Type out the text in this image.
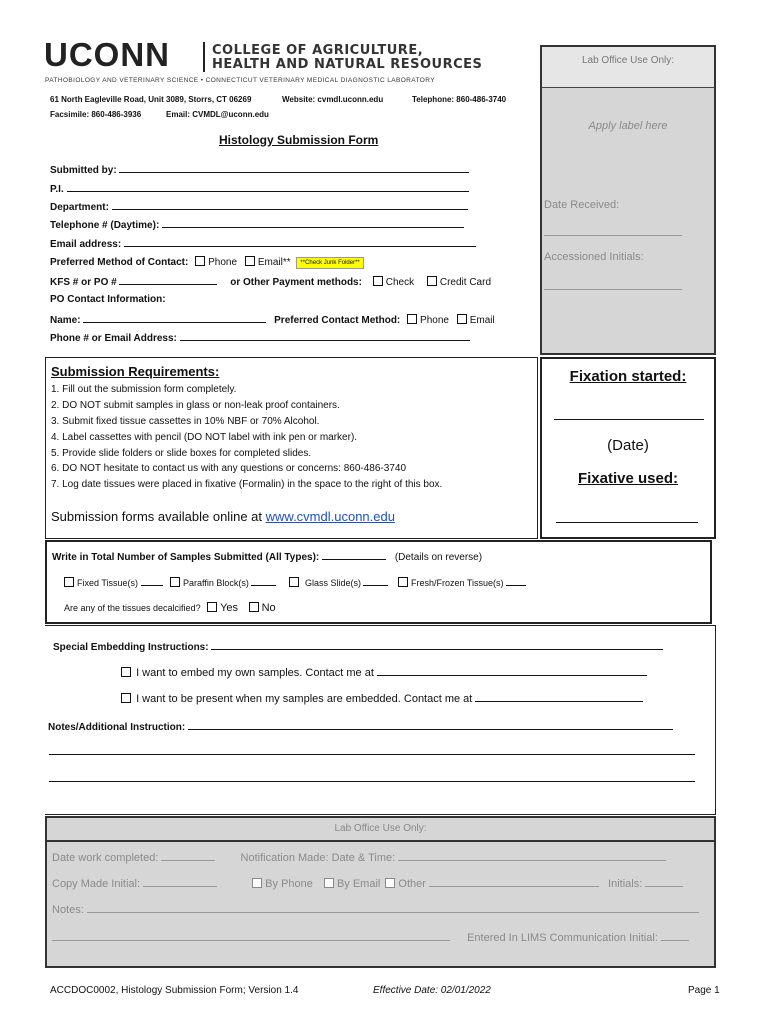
UCONN	COLLEGE OF AGRICULTURE,
HEALTH AND NATURAL RESOURCES
PATHOBIOLOGY AND VETERINARY SCIENCE • CONNECTICUT VETERINARY MEDICAL DIAGNOSTIC LABORATORY
61 North Eagleville Road, Unit 3089, Storrs, CT 06269	Website: cvmdl.uconn.edu	Telephone: 860-486-3740
Facsimile: 860-486-3936	Email: CVMDL@uconn.edu
Histology Submission Form
Lab Office Use Only:
Apply label here
Date Received:
Accessioned Initials:
Submitted by:
P.I.
Department:
Telephone # (Daytime):
Email address:
Preferred Method of Contact: Phone Email** **Check Junk Folder**
KFS # or PO #	or Other Payment methods: Check	Credit Card
PO Contact Information:
Name:	Preferred Contact Method: Phone Email
Phone # or Email Address:
Submission Requirements:
1. Fill out the submission form completely.
2. DO NOT submit samples in glass or non-leak proof containers.
3. Submit fixed tissue cassettes in 10% NBF or 70% Alcohol.
4. Label cassettes with pencil (DO NOT label with ink pen or marker).
5. Provide slide folders or slide boxes for completed slides.
6. DO NOT hesitate to contact us with any questions or concerns: 860-486-3740
7. Log date tissues were placed in fixative (Formalin) in the space to the right of this box.
Submission forms available online at www.cvmdl.uconn.edu
Fixation started:
(Date)
Fixative used:
Write in Total Number of Samples Submitted (All Types):	(Details on reverse)
Fixed Tissue(s)	Paraffin Block(s)	Glass Slide(s)	Fresh/Frozen Tissue(s)
Are any of the tissues decalcified? Yes No
Special Embedding Instructions:
I want to embed my own samples. Contact me at
I want to be present when my samples are embedded. Contact me at
Notes/Additional Instruction:
Lab Office Use Only:
Date work completed:	Notification Made: Date & Time:
Copy Made Initial:	By Phone By Email Other	Initials:
Notes:
Entered In LIMS Communication Initial:
ACCDOC0002, Histology Submission Form; Version 1.4	Effective Date: 02/01/2022	Page 1
